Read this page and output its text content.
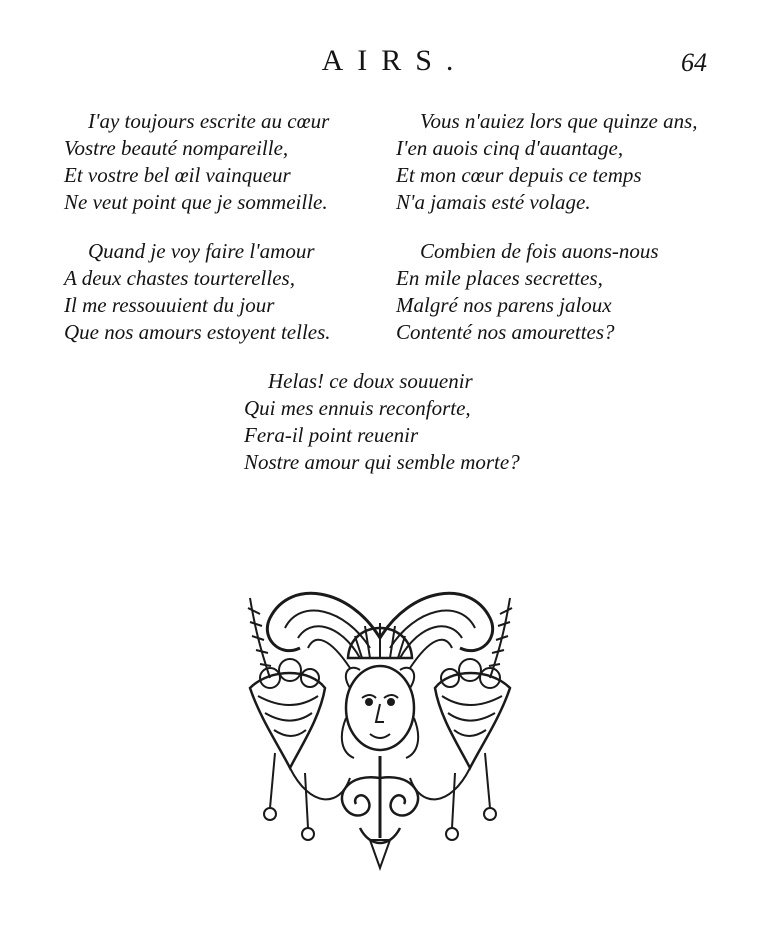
AIRS.	64
I'ay toujours escrite au cœur
Vostre beauté nompareille,
Et vostre bel œil vainqueur
Ne veut point que je sommeille.
Vous n'auiez lors que quinze ans,
I'en auois cinq d'auantage,
Et mon cœur depuis ce temps
N'a jamais esté volage.
Quand je voy faire l'amour
A deux chastes tourterelles,
Il me ressouuient du jour
Que nos amours estoyent telles.
Combien de fois auons-nous
En mile places secrettes,
Malgré nos parens jaloux
Contenté nos amourettes?
Helas! ce doux souuenir
Qui mes ennuis reconforte,
Fera-il point reuenir
Nostre amour qui semble morte?
